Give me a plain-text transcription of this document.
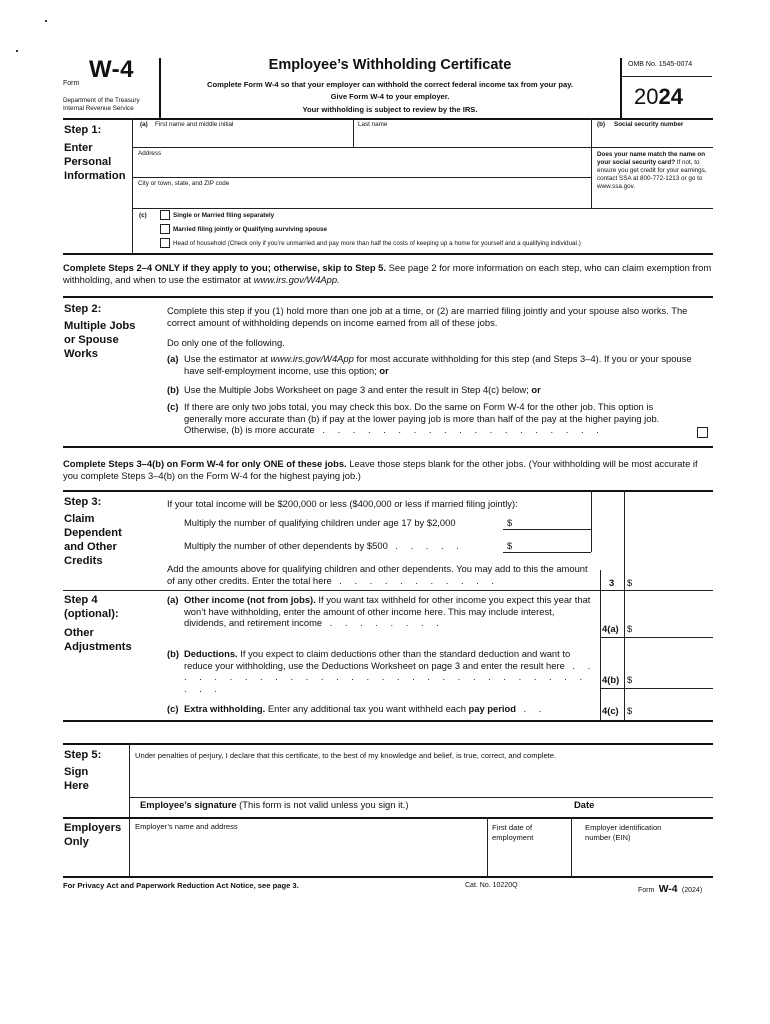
Form
W-4
Department of the Treasury
Internal Revenue Service
Employee’s Withholding Certificate
Complete Form W-4 so that your employer can withhold the correct federal income tax from your pay.
Give Form W-4 to your employer.
Your withholding is subject to review by the IRS.
OMB No. 1545-0074
2024
Step 1:
Enter
Personal
Information
(a) First name and middle initial	Last name	(b) Social security number
Address
City or town, state, and ZIP code
Does your name match the name on your social security card? If not, to ensure you get credit for your earnings, contact SSA at 800-772-1213 or go to www.ssa.gov.
(c)	Single or Married filing separately
Married filing jointly or Qualifying surviving spouse
Head of household (Check only if you’re unmarried and pay more than half the costs of keeping up a home for yourself and a qualifying individual.)
Complete Steps 2–4 ONLY if they apply to you; otherwise, skip to Step 5. See page 2 for more information on each step, who can claim exemption from withholding, and when to use the estimator at www.irs.gov/W4App.
Step 2:
Multiple Jobs
or Spouse
Works
Complete this step if you (1) hold more than one job at a time, or (2) are married filing jointly and your spouse also works. The correct amount of withholding depends on income earned from all of these jobs.
Do only one of the following.
(a) Use the estimator at www.irs.gov/W4App for most accurate withholding for this step (and Steps 3–4). If you or your spouse have self-employment income, use this option; or
(b) Use the Multiple Jobs Worksheet on page 3 and enter the result in Step 4(c) below; or
(c) If there are only two jobs total, you may check this box. Do the same on Form W-4 for the other job. This option is generally more accurate than (b) if pay at the lower paying job is more than half of the pay at the higher paying job. Otherwise, (b) is more accurate . . . . . . . . . . . . . . . . . . .
Complete Steps 3–4(b) on Form W-4 for only ONE of these jobs. Leave those steps blank for the other jobs. (Your withholding will be most accurate if you complete Steps 3–4(b) on the Form W-4 for the highest paying job.)
Step 3:
Claim
Dependent
and Other
Credits
If your total income will be $200,000 or less ($400,000 or less if married filing jointly):
Multiply the number of qualifying children under age 17 by $2,000	$
Multiply the number of other dependents by $500 . . . . .	$
Add the amounts above for qualifying children and other dependents. You may add to this the amount of any other credits. Enter the total here . . . . . . . . . . .	3 $
Step 4
(optional):
Other
Adjustments
(a) Other income (not from jobs). If you want tax withheld for other income you expect this year that won’t have withholding, enter the amount of other income here. This may include interest, dividends, and retirement income . . . . . . . .
4(a) $
(b) Deductions. If you expect to claim deductions other than the standard deduction and want to reduce your withholding, use the Deductions Worksheet on page 3 and enter the result here . . . . . . . . . . . . . . . . . . . . . . . . . . . . . . . .
4(b) $
(c) Extra withholding. Enter any additional tax you want withheld each pay period . .	4(c) $
Step 5:
Sign
Here
Under penalties of perjury, I declare that this certificate, to the best of my knowledge and belief, is true, correct, and complete.
Employee’s signature (This form is not valid unless you sign it.)	Date
Employers
Only
Employer’s name and address	First date of
employment
Employer identification
number (EIN)
For Privacy Act and Paperwork Reduction Act Notice, see page 3.	Cat. No. 10220Q
Form W-4 (2024)
